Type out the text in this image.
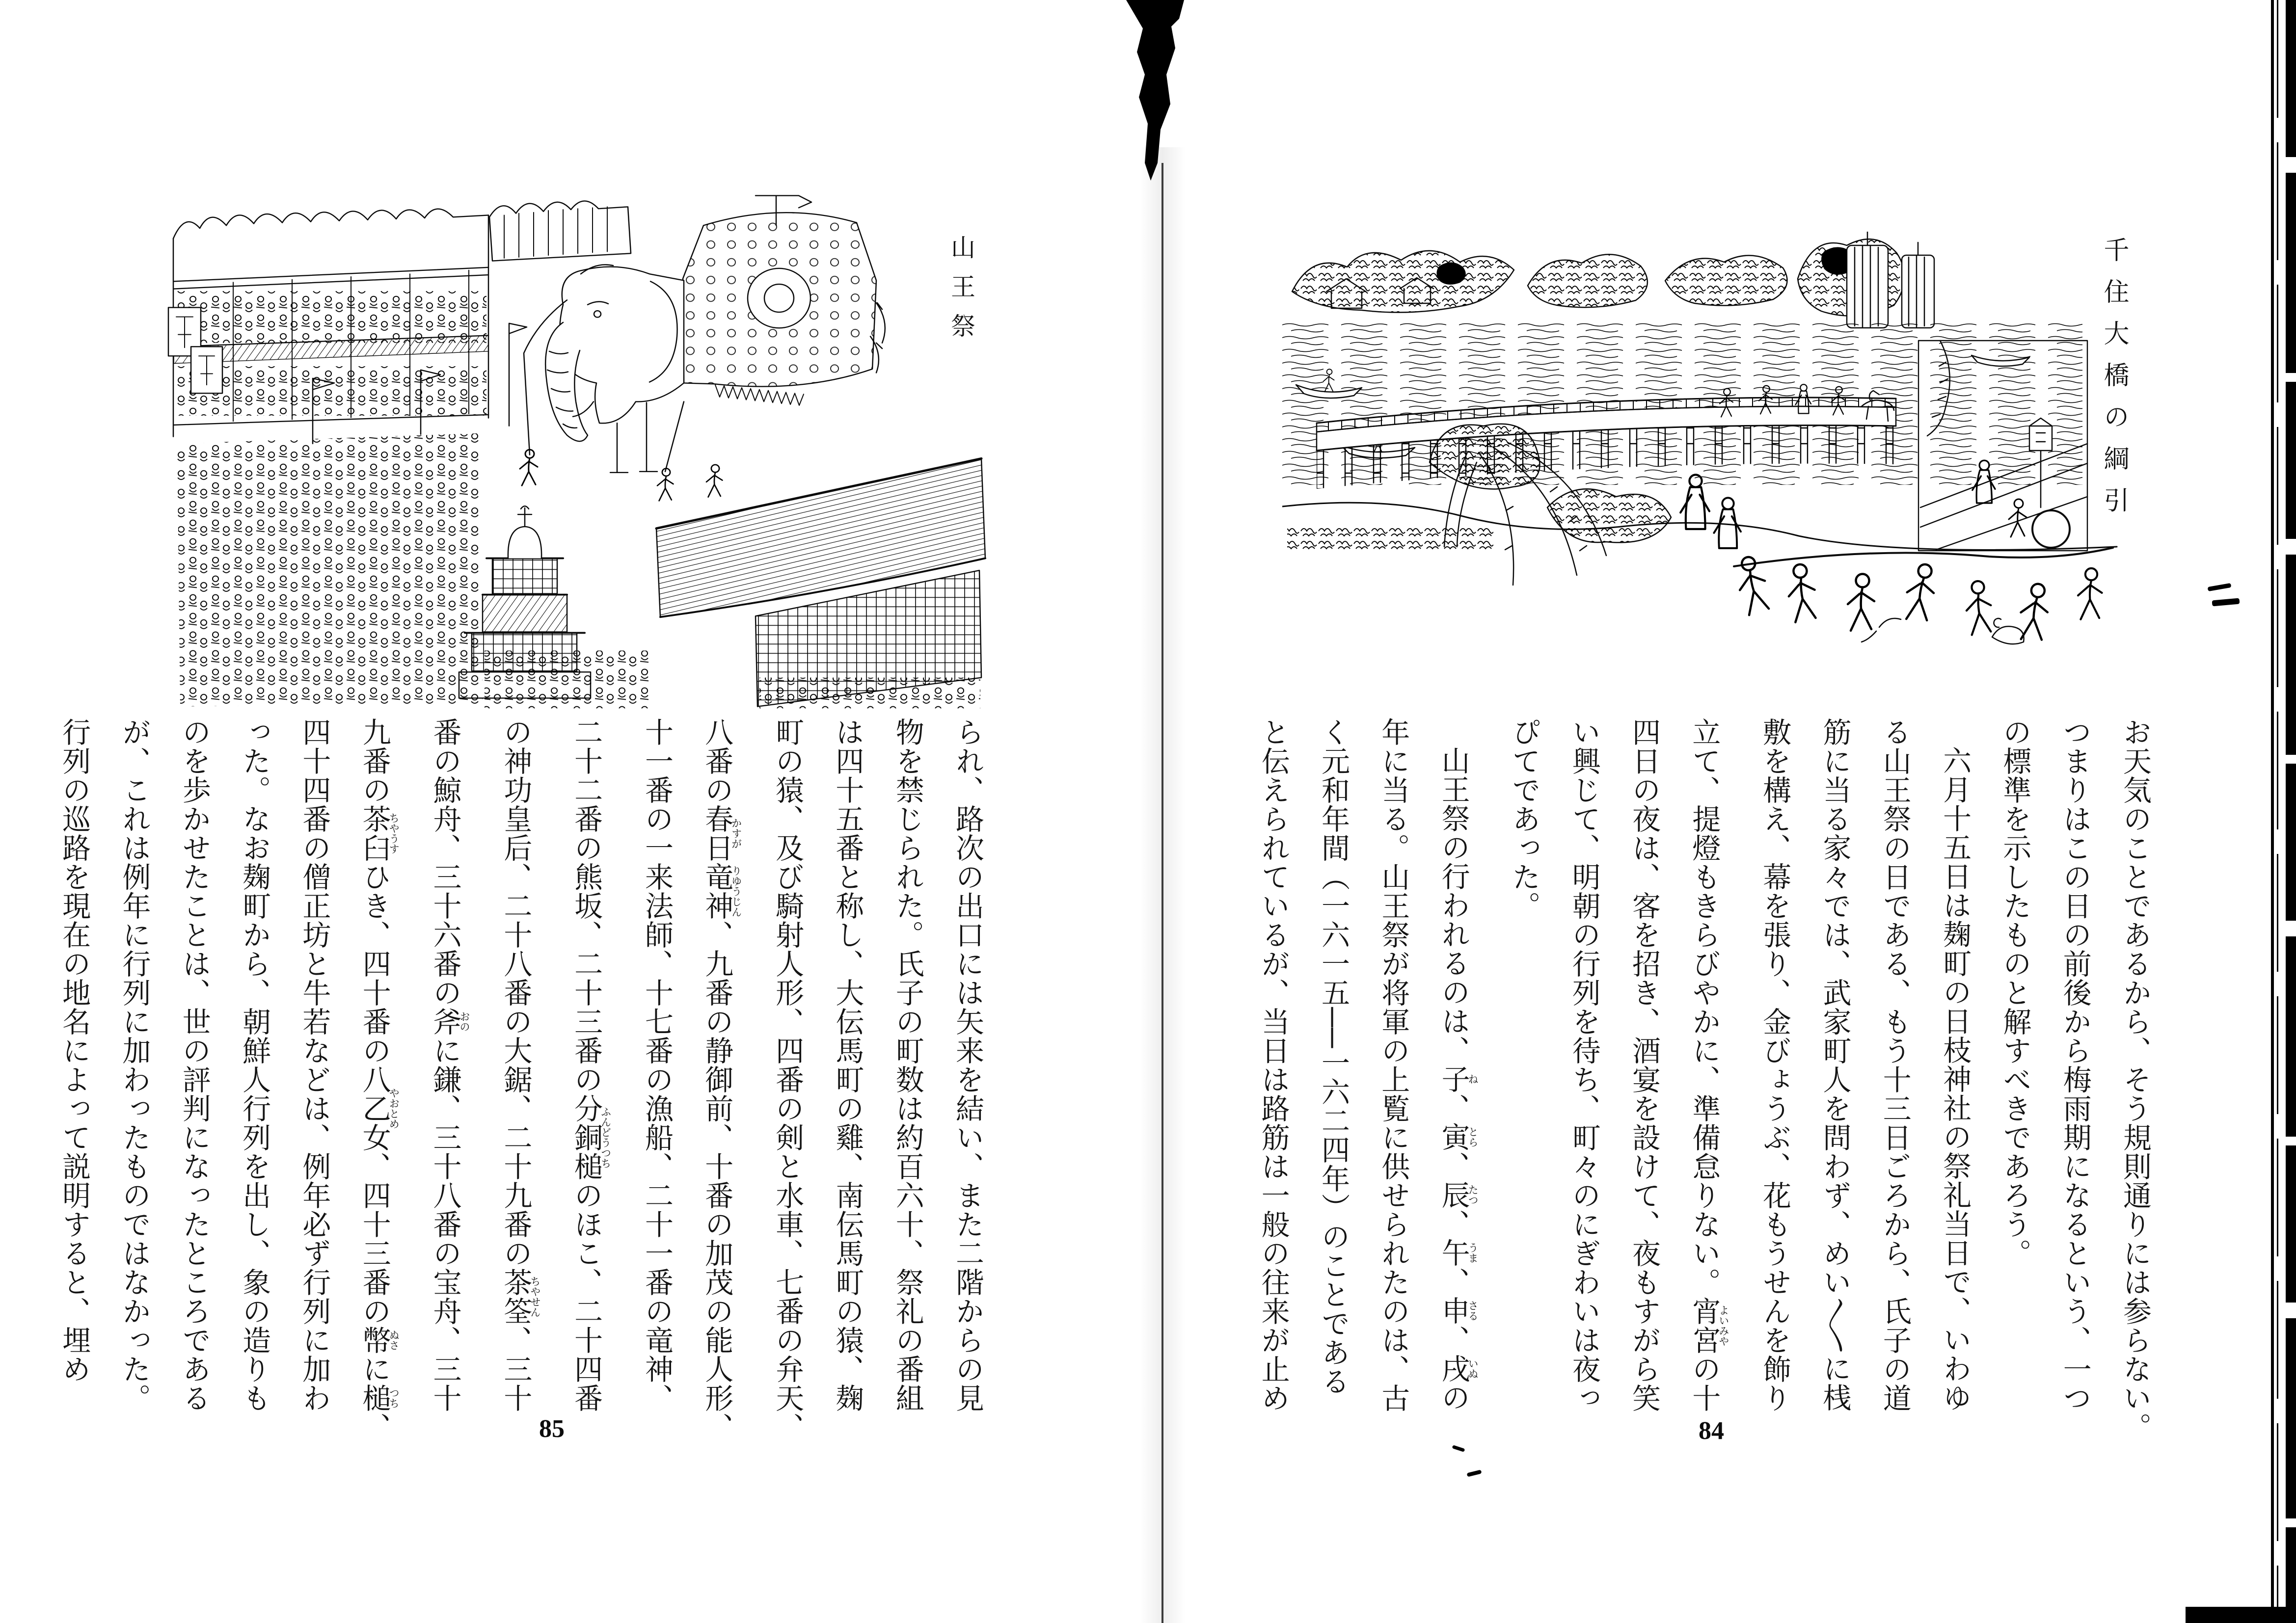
山王祭

られ、路次の出口には矢来を結い、また二階からの見

物を禁じられた。氏子の町数は約百六十、祭礼の番組

は四十五番と称し、大伝馬町の雞、南伝馬町の猿、麹

町の猿、及び騎射人形、四番の剣と水車、七番の弁天、

八番の春日かすが竜神りゆうじん、九番の静御前、十番の加茂の能人形、

十一番の一来法師、十七番の漁船、二十一番の竜神、

二十二番の熊坂、二十三番の分銅槌ふんどうつちのほこ、二十四番

の神功皇后、二十八番の大鋸、二十九番の茶筌ちやせん、三十

番の鯨舟、三十六番の斧おのに鎌、三十八番の宝舟、三十

九番の茶臼ちやうすひき、四十番の八乙女やおとめ、四十三番の幣ぬさに槌つち、

四十四番の僧正坊と牛若などは、例年必ず行列に加わ

った。なお麹町から、朝鮮人行列を出し、象の造りも

のを歩かせたことは、世の評判になったところである

が、これは例年に行列に加わったものではなかった。

行列の巡路を現在の地名によって説明すると、埋め

85
千住大橋の綱引

お天気のことであるから、そう規則通りには参らない。

つまりはこの日の前後から梅雨期になるという、一つ

の標準を示したものと解すべきであろう。

六月十五日は麹町の日枝神社の祭礼当日で、いわゆ

る山王祭の日である、もう十三日ごろから、氏子の道

筋に当る家々では、武家町人を問わず、めい〳〵に桟

敷を構え、幕を張り、金びょうぶ、花もうせんを飾り

立て、提燈もきらびやかに、準備怠りない。宵宮よいみやの十

四日の夜は、客を招き、酒宴を設けて、夜もすがら笑

い興じて、明朝の行列を待ち、町々のにぎわいは夜っ

ぴてであった。

山王祭の行われるのは、子ね、寅とら、辰たつ、午うま、申さる、戌いぬの

年に当る。山王祭が将軍の上覧に供せられたのは、古

く元和年間（一六一五──一六二四年）のことである

と伝えられているが、当日は路筋は一般の往来が止め

84
